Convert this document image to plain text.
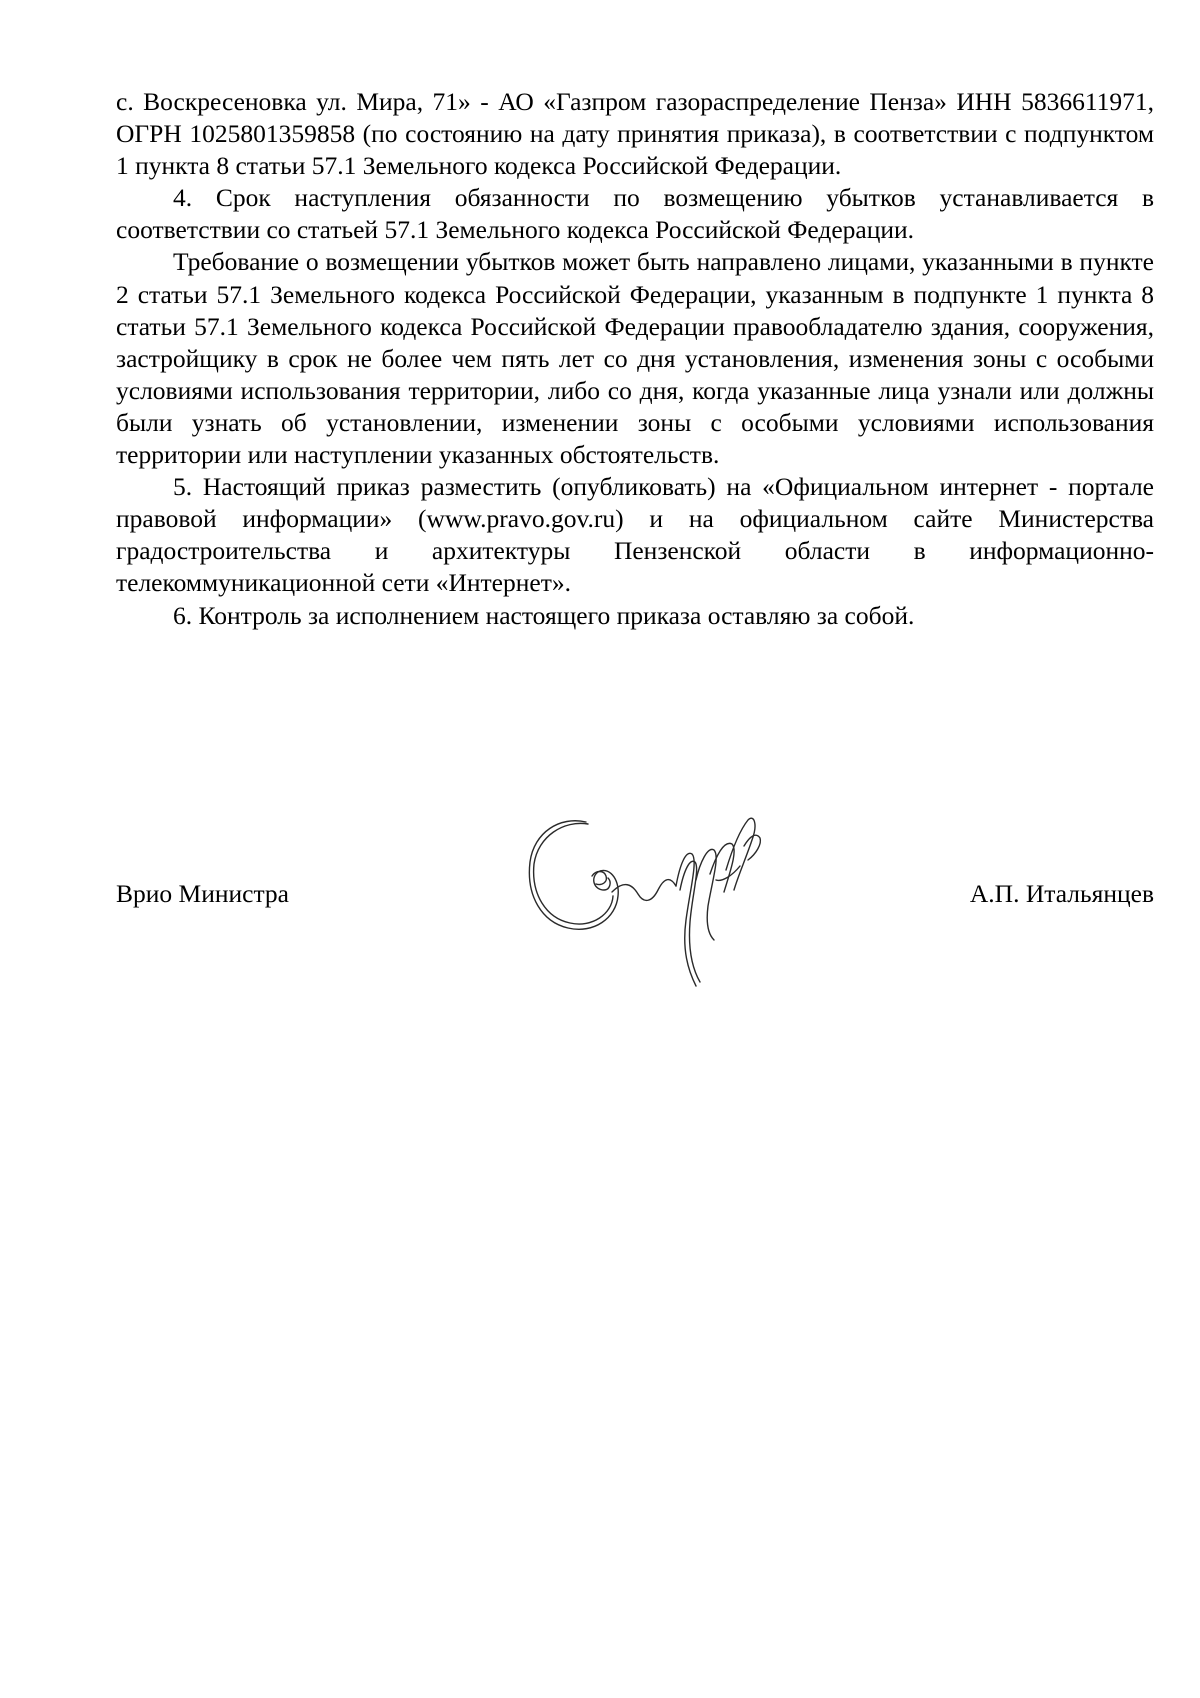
с. Воскресеновка ул. Мира, 71» - АО «Газпром газораспределение Пенза» ИНН 5836611971, ОГРН 1025801359858 (по состоянию на дату принятия приказа), в соответствии с подпунктом 1 пункта 8 статьи 57.1 Земельного кодекса Российской Федерации.

4. Срок наступления обязанности по возмещению убытков устанавливается в соответствии со статьей 57.1 Земельного кодекса Российской Федерации.

Требование о возмещении убытков может быть направлено лицами, указанными в пункте 2 статьи 57.1 Земельного кодекса Российской Федерации, указанным в подпункте 1 пункта 8 статьи 57.1 Земельного кодекса Российской Федерации правообладателю здания, сооружения, застройщику в срок не более чем пять лет со дня установления, изменения зоны с особыми условиями использования территории, либо со дня, когда указанные лица узнали или должны были узнать об установлении, изменении зоны с особыми условиями использования территории или наступлении указанных обстоятельств.

5. Настоящий приказ разместить (опубликовать) на «Официальном интернет - портале правовой информации» (www.pravo.gov.ru) и на официальном сайте Министерства градостроительства и архитектуры Пензенской области в информационно-телекоммуникационной сети «Интернет».

6. Контроль за исполнением настоящего приказа оставляю за собой.

Врио Министра	А.П. Итальянцев
